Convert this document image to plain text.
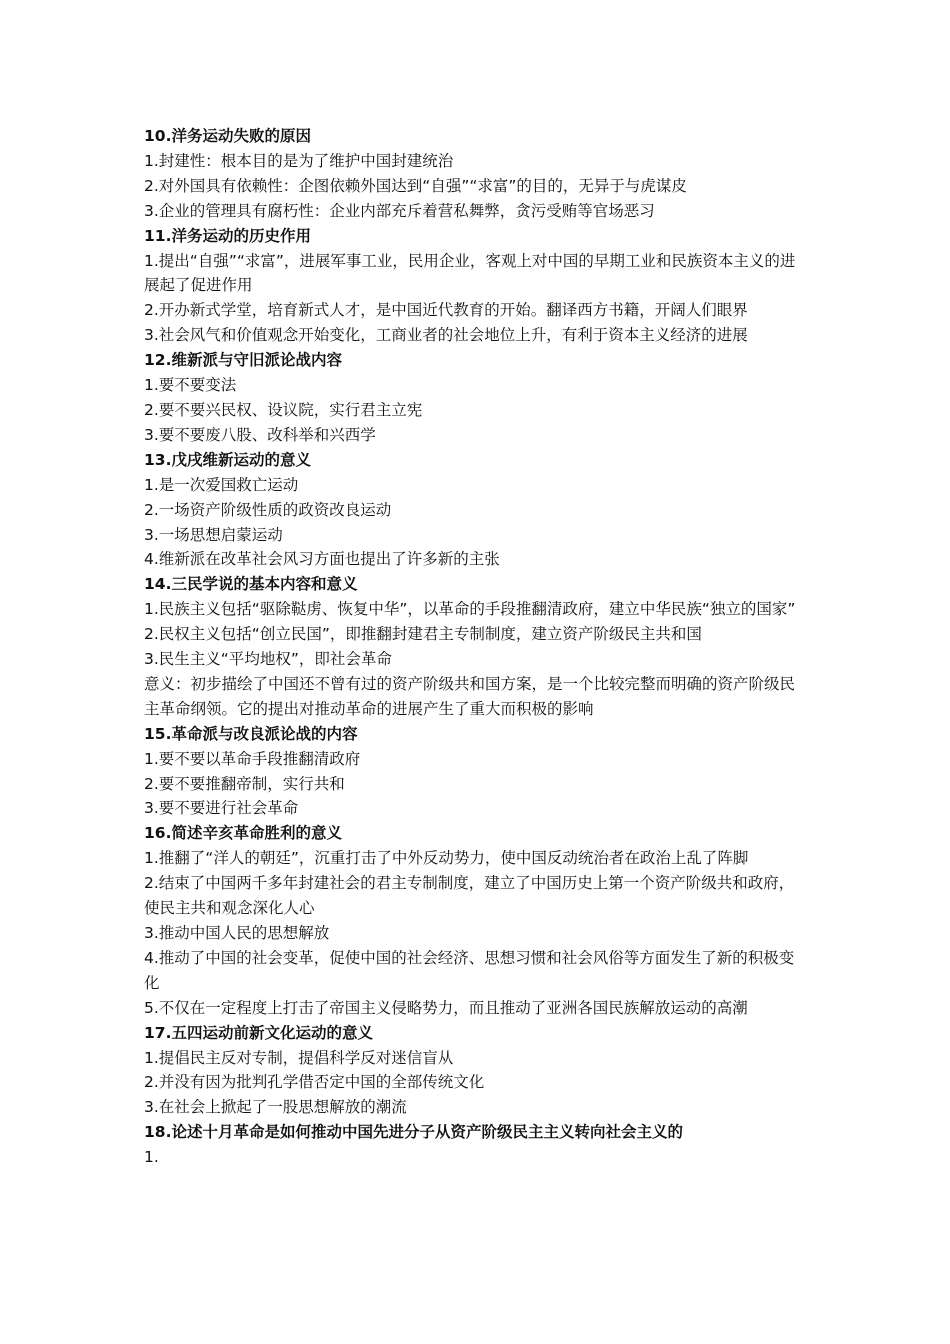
10.洋务运动失败的原因

1.封建性：根本目的是为了维护中国封建统治

2.对外国具有依赖性：企图依赖外国达到“自强”“求富”的目的，无异于与虎谋皮

3.企业的管理具有腐朽性：企业内部充斥着营私舞弊，贪污受贿等官场恶习

11.洋务运动的历史作用

1.提出“自强”“求富”，进展军事工业，民用企业，客观上对中国的早期工业和民族资本主义的进展起了促进作用

2.开办新式学堂，培育新式人才，是中国近代教育的开始。翻译西方书籍，开阔人们眼界

3.社会风气和价值观念开始变化，工商业者的社会地位上升，有利于资本主义经济的进展

12.维新派与守旧派论战内容

1.要不要变法

2.要不要兴民权、设议院，实行君主立宪

3.要不要废八股、改科举和兴西学

13.戊戌维新运动的意义

1.是一次爱国救亡运动

2.一场资产阶级性质的政资改良运动

3.一场思想启蒙运动

4.维新派在改革社会风习方面也提出了许多新的主张

14.三民学说的基本内容和意义

1.民族主义包括“驱除鞑虏、恢复中华”，以革命的手段推翻清政府，建立中华民族“独立的国家”

2.民权主义包括“创立民国”，即推翻封建君主专制制度，建立资产阶级民主共和国

3.民生主义“平均地权”，即社会革命

意义：初步描绘了中国还不曾有过的资产阶级共和国方案，是一个比较完整而明确的资产阶级民主革命纲领。它的提出对推动革命的进展产生了重大而积极的影响

15.革命派与改良派论战的内容

1.要不要以革命手段推翻清政府

2.要不要推翻帝制，实行共和

3.要不要进行社会革命

16.简述辛亥革命胜利的意义

1.推翻了“洋人的朝廷”，沉重打击了中外反动势力，使中国反动统治者在政治上乱了阵脚

2.结束了中国两千多年封建社会的君主专制制度，建立了中国历史上第一个资产阶级共和政府，使民主共和观念深化人心

3.推动中国人民的思想解放

4.推动了中国的社会变革，促使中国的社会经济、思想习惯和社会风俗等方面发生了新的积极变化

5.不仅在一定程度上打击了帝国主义侵略势力，而且推动了亚洲各国民族解放运动的高潮

17.五四运动前新文化运动的意义

1.提倡民主反对专制，提倡科学反对迷信盲从

2.并没有因为批判孔学借否定中国的全部传统文化

3.在社会上掀起了一股思想解放的潮流

18.论述十月革命是如何推动中国先进分子从资产阶级民主主义转向社会主义的

1.
